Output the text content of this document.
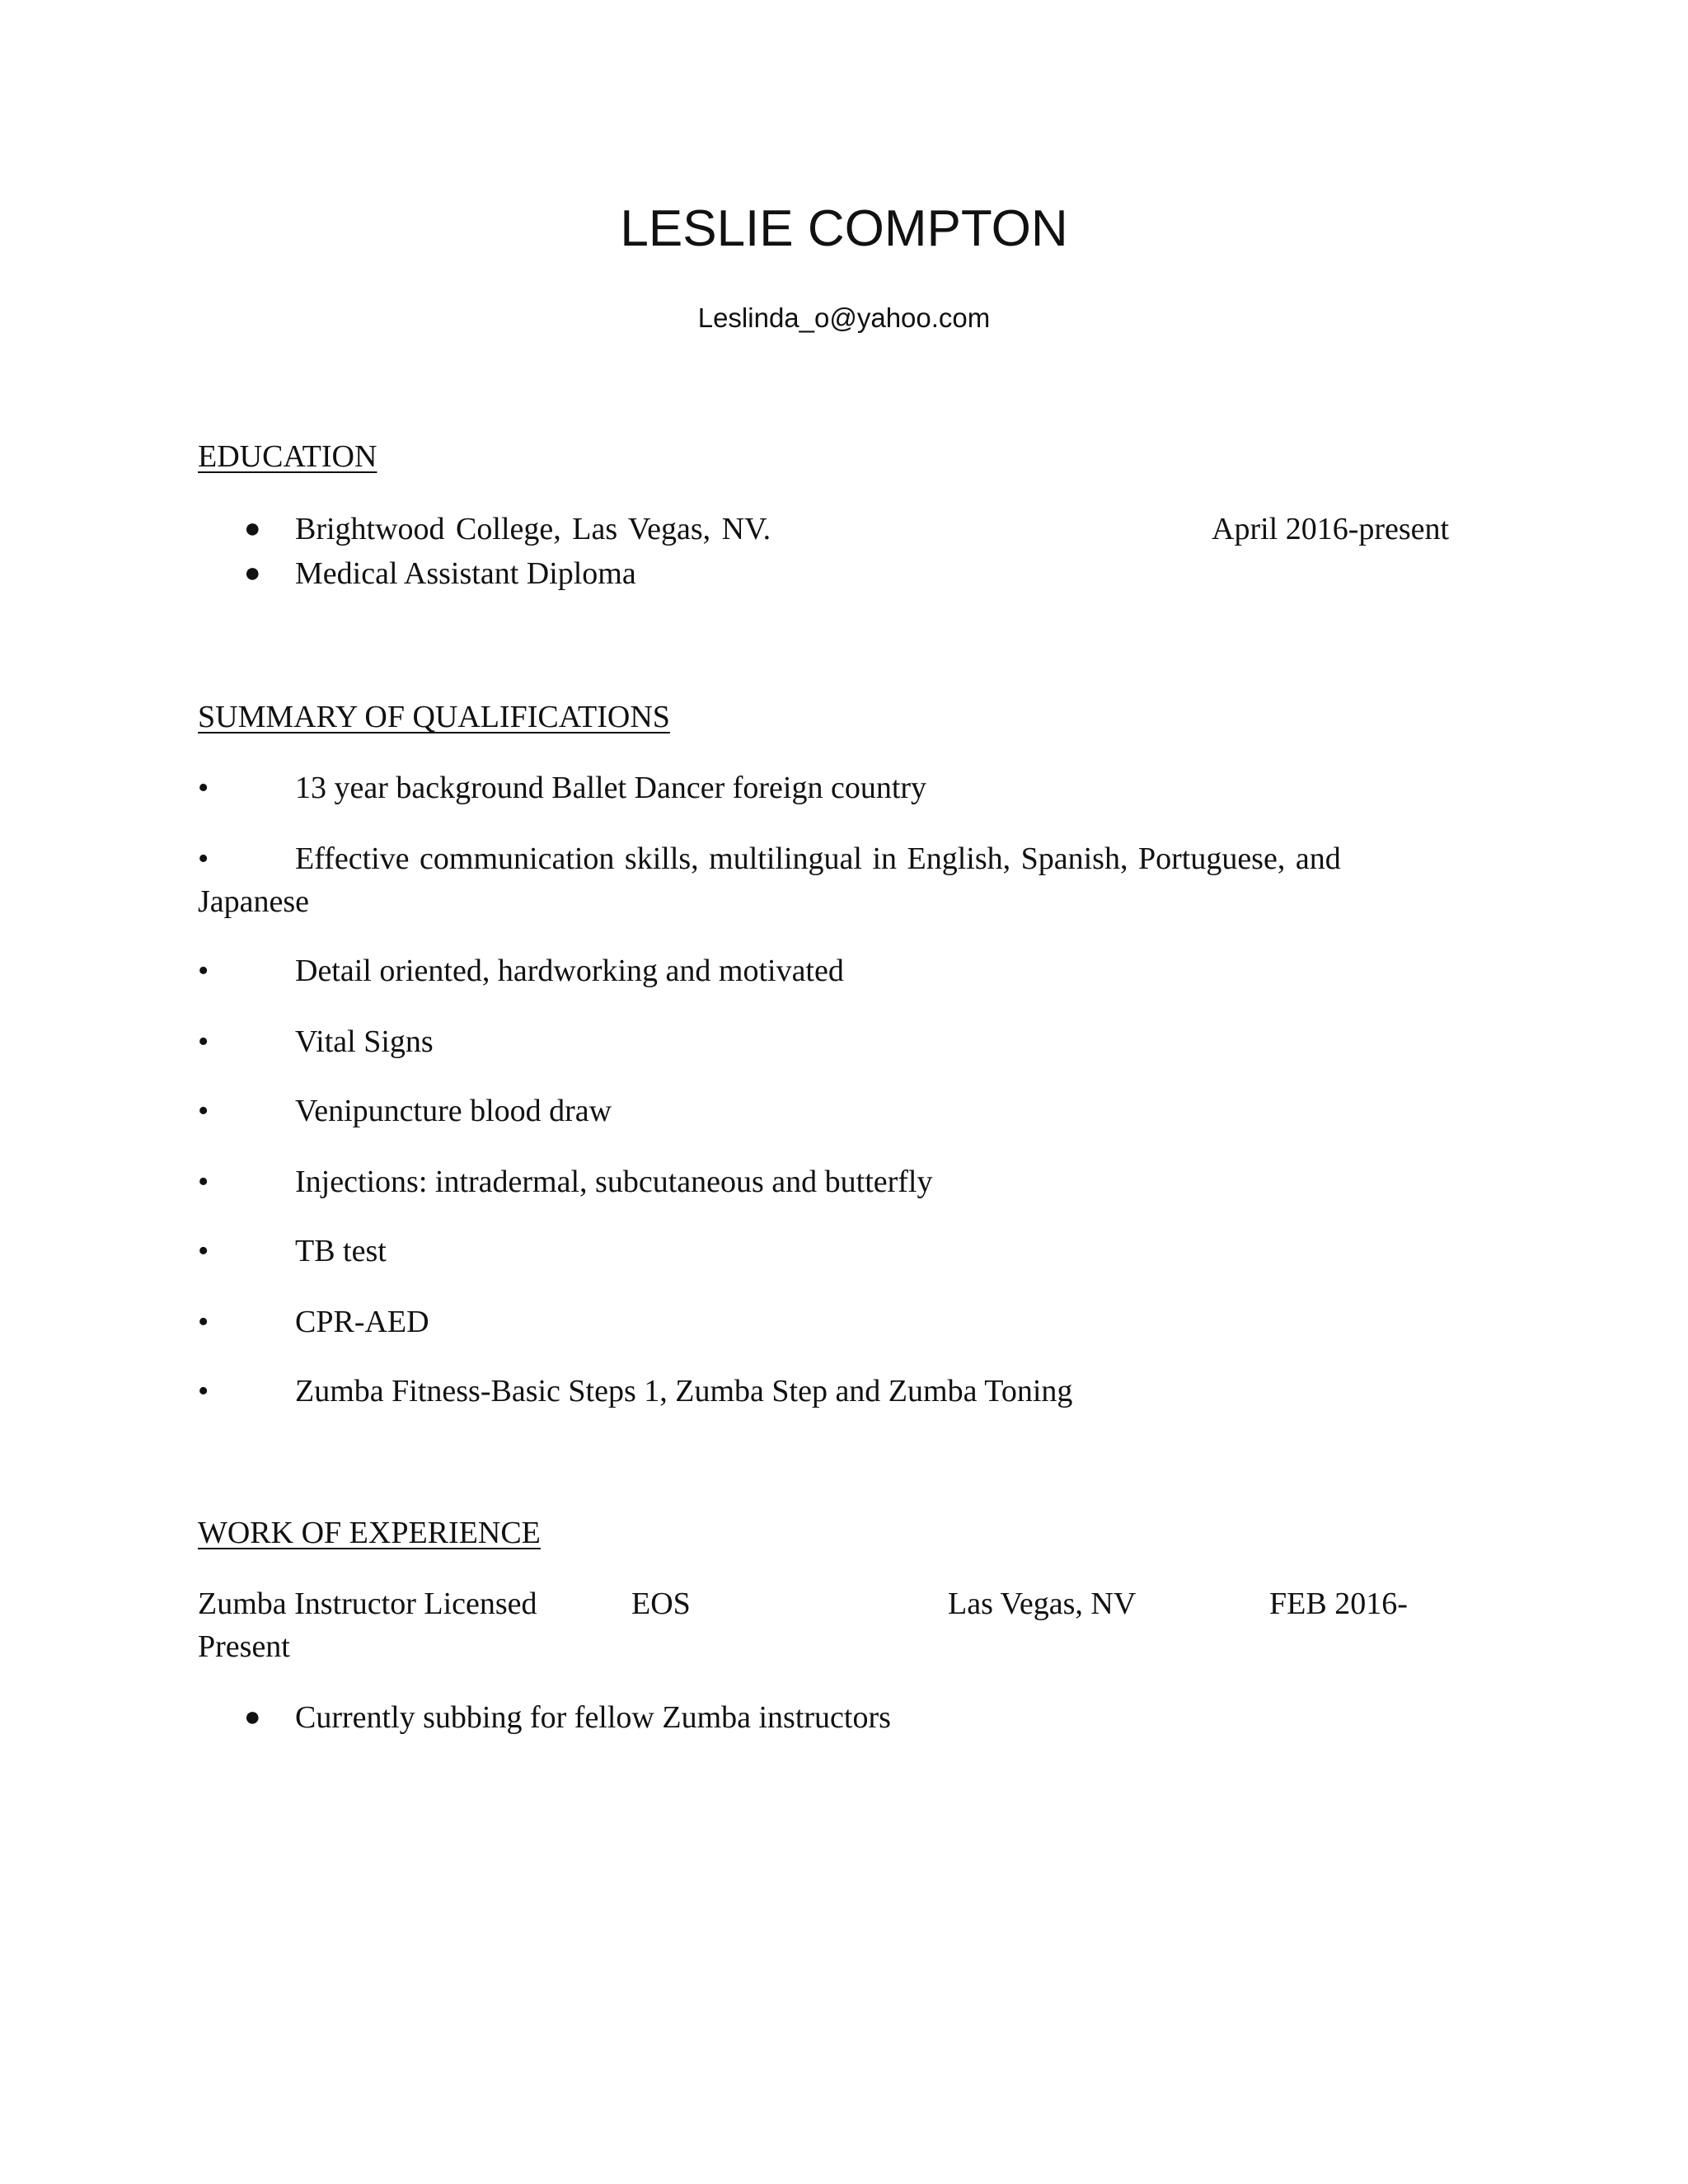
LESLIE COMPTON
Leslinda_o@yahoo.com
EDUCATION
● Brightwood College, Las Vegas, NV.	April 2016-present
● Medical Assistant Diploma
SUMMARY OF QUALIFICATIONS
•	13 year background Ballet Dancer foreign country
•	Effective communication skills, multilingual in English, Spanish, Portuguese, and
Japanese
•	Detail oriented, hardworking and motivated
•	Vital Signs
•	Venipuncture blood draw
•	Injections: intradermal, subcutaneous and butterfly
•	TB test
•	CPR-AED
•	Zumba Fitness-Basic Steps 1, Zumba Step and Zumba Toning
WORK OF EXPERIENCE
Zumba Instructor Licensed	EOS	Las Vegas, NV	FEB 2016-
Present
● Currently subbing for fellow Zumba instructors
